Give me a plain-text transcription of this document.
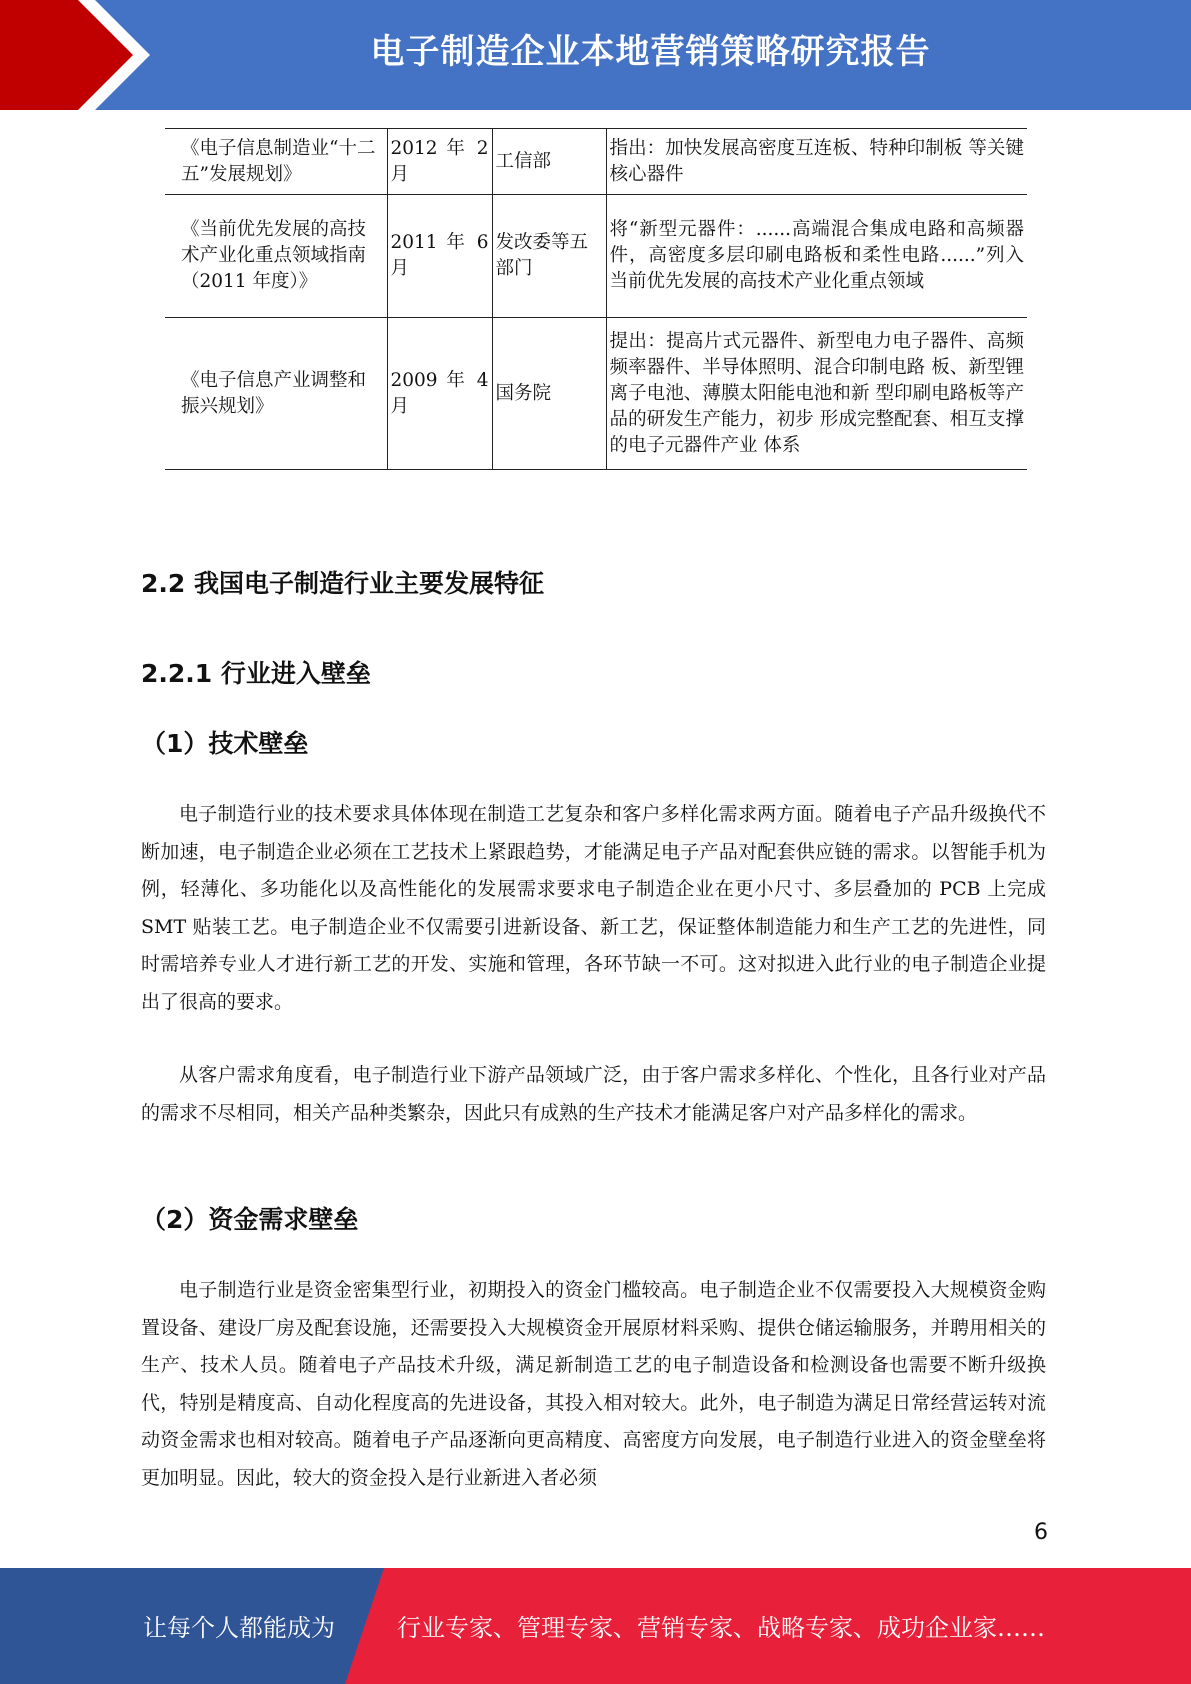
电子制造企业本地营销策略研究报告
《电子信息制造业“十二五”发展规划》	2012 年 2 月	工信部	指出：加快发展高密度互连板、特种印制板 等关键核心器件
《当前优先发展的高技术产业化重点领域指南（2011 年度）》	2011 年 6 月	发改委等五部门	将“新型元器件：......高端混合集成电路和高频器件，高密度多层印刷电路板和柔性电路......”列入当前优先发展的高技术产业化重点领域
《电子信息产业调整和振兴规划》	2009 年 4 月	国务院	提出：提高片式元器件、新型电力电子器件、高频频率器件、半导体照明、混合印制电路 板、新型锂离子电池、薄膜太阳能电池和新 型印刷电路板等产品的研发生产能力，初步 形成完整配套、相互支撑的电子元器件产业 体系
2.2 我国电子制造行业主要发展特征
2.2.1 行业进入壁垒
（1）技术壁垒

电子制造行业的技术要求具体体现在制造工艺复杂和客户多样化需求两方面。随着电子产品升级换代不断加速，电子制造企业必须在工艺技术上紧跟趋势，才能满足电子产品对配套供应链的需求。以智能手机为例，轻薄化、多功能化以及高性能化的发展需求要求电子制造企业在更小尺寸、多层叠加的 PCB 上完成 SMT 贴装工艺。电子制造企业不仅需要引进新设备、新工艺，保证整体制造能力和生产工艺的先进性，同时需培养专业人才进行新工艺的开发、实施和管理，各环节缺一不可。这对拟进入此行业的电子制造企业提出了很高的要求。

从客户需求角度看，电子制造行业下游产品领域广泛，由于客户需求多样化、个性化，且各行业对产品的需求不尽相同，相关产品种类繁杂，因此只有成熟的生产技术才能满足客户对产品多样化的需求。

（2）资金需求壁垒

电子制造行业是资金密集型行业，初期投入的资金门槛较高。电子制造企业不仅需要投入大规模资金购置设备、建设厂房及配套设施，还需要投入大规模资金开展原材料采购、提供仓储运输服务，并聘用相关的生产、技术人员。随着电子产品技术升级，满足新制造工艺的电子制造设备和检测设备也需要不断升级换代，特别是精度高、自动化程度高的先进设备，其投入相对较大。此外，电子制造为满足日常经营运转对流动资金需求也相对较高。随着电子产品逐渐向更高精度、高密度方向发展，电子制造行业进入的资金壁垒将更加明显。因此，较大的资金投入是行业新进入者必须

6
让每个人都能成为	行业专家、管理专家、营销专家、战略专家、成功企业家……
